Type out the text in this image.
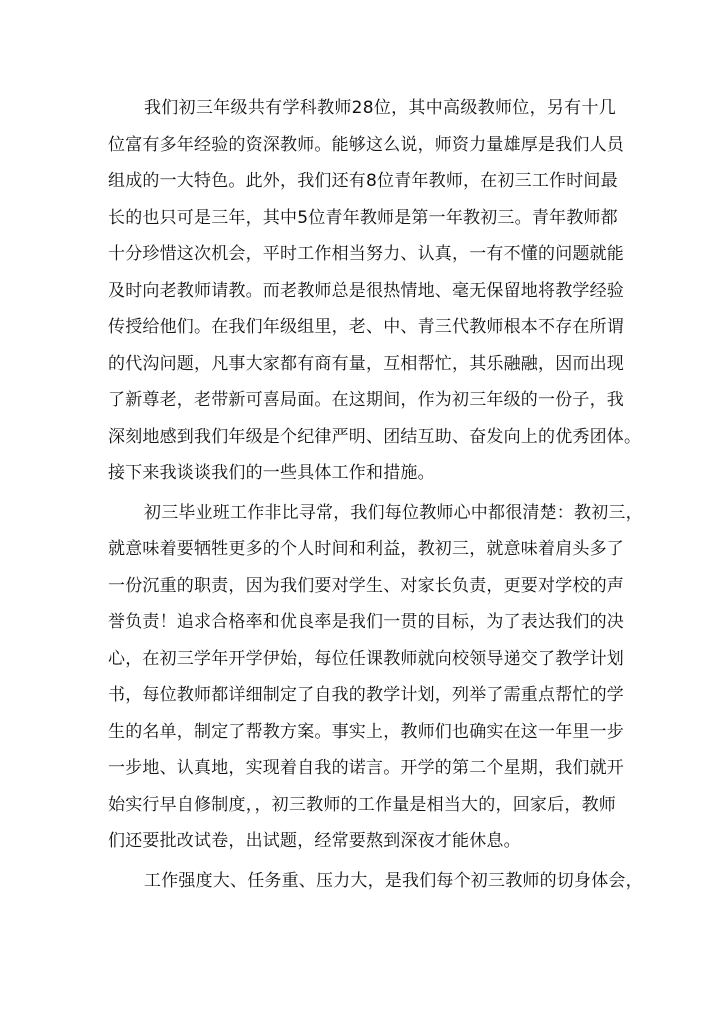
我们初三年级共有学科教师28位，其中高级教师位，另有十几
位富有多年经验的资深教师。能够这么说，师资力量雄厚是我们人员
组成的一大特色。此外，我们还有8位青年教师，在初三工作时间最
长的也只可是三年，其中5位青年教师是第一年教初三。青年教师都
十分珍惜这次机会，平时工作相当努力、认真，一有不懂的问题就能
及时向老教师请教。而老教师总是很热情地、毫无保留地将教学经验
传授给他们。在我们年级组里，老、中、青三代教师根本不存在所谓
的代沟问题，凡事大家都有商有量，互相帮忙，其乐融融，因而出现
了新尊老，老带新可喜局面。在这期间，作为初三年级的一份子，我
深刻地感到我们年级是个纪律严明、团结互助、奋发向上的优秀团体。
接下来我谈谈我们的一些具体工作和措施。
初三毕业班工作非比寻常，我们每位教师心中都很清楚：教初三，
就意味着要牺牲更多的个人时间和利益，教初三，就意味着肩头多了
一份沉重的职责，因为我们要对学生、对家长负责，更要对学校的声
誉负责！追求合格率和优良率是我们一贯的目标，为了表达我们的决
心，在初三学年开学伊始，每位任课教师就向校领导递交了教学计划
书，每位教师都详细制定了自我的教学计划，列举了需重点帮忙的学
生的名单，制定了帮教方案。事实上，教师们也确实在这一年里一步
一步地、认真地，实现着自我的诺言。开学的第二个星期，我们就开
始实行早自修制度，，初三教师的工作量是相当大的，回家后，教师
们还要批改试卷，出试题，经常要熬到深夜才能休息。
工作强度大、任务重、压力大，是我们每个初三教师的切身体会，
